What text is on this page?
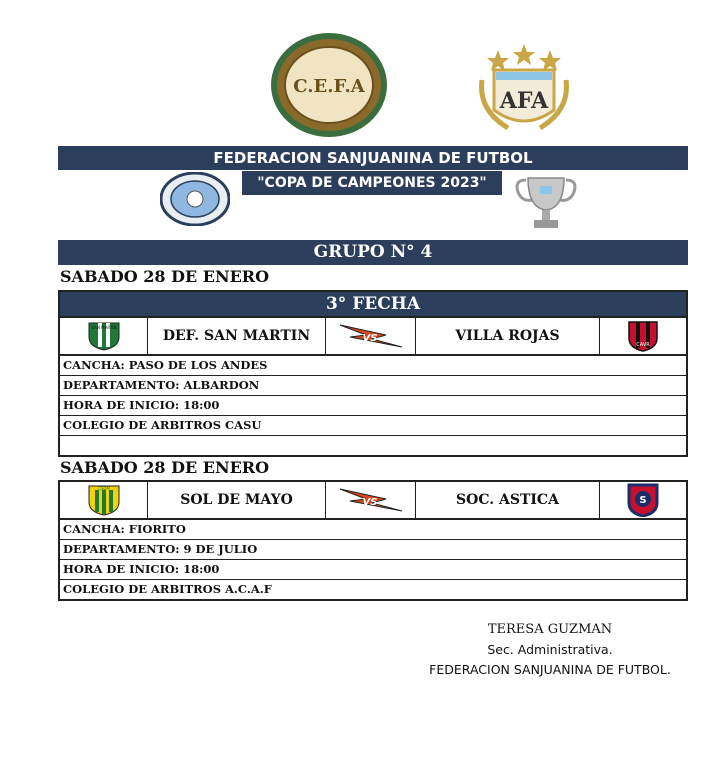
C.E.F.A
AFA
FEDERACION SANJUANINA DE FUTBOL
"COPA DE CAMPEONES 2023"
GRUPO N° 4
SABADO 28 DE ENERO
3° FECHA
SAN MARTIN
DEF. SAN MARTIN	VS	VILLA ROJAS
CAVR
CANCHA: PASO DE LOS ANDES
DEPARTAMENTO: ALBARDON
HORA DE INICIO: 18:00
COLEGIO DE ARBITROS CASU
SABADO 28 DE ENERO
CSDM
SOL DE MAYO	VS	SOC. ASTICA	S
CANCHA: FIORITO
DEPARTAMENTO: 9 DE JULIO
HORA DE INICIO: 18:00
COLEGIO DE ARBITROS A.C.A.F
TERESA GUZMAN
Sec. Administrativa.
FEDERACION SANJUANINA DE FUTBOL.
